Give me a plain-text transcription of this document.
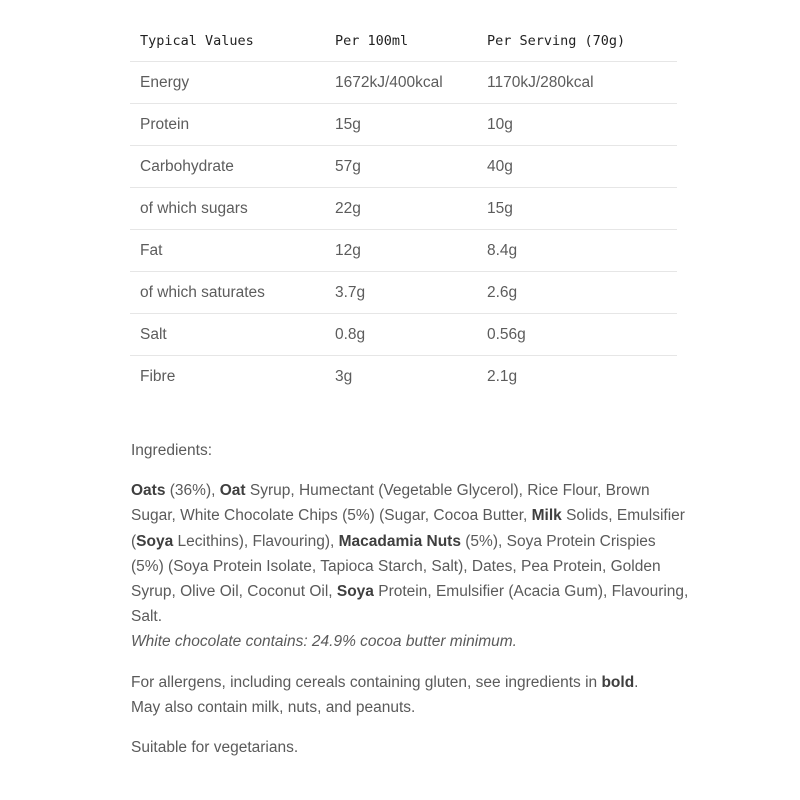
Typical Values	Per 100ml	Per Serving (70g)
Energy	1672kJ/400kcal	1170kJ/280kcal
Protein	15g	10g
Carbohydrate	57g	40g
of which sugars	22g	15g
Fat	12g	8.4g
of which saturates	3.7g	2.6g
Salt	0.8g	0.56g
Fibre	3g	2.1g

Ingredients:

Oats (36%), Oat Syrup, Humectant (Vegetable Glycerol), Rice Flour, Brown Sugar, White Chocolate Chips (5%) (Sugar, Cocoa Butter, Milk Solids, Emulsifier (Soya Lecithins), Flavouring), Macadamia Nuts (5%), Soya Protein Crispies (5%) (Soya Protein Isolate, Tapioca Starch, Salt), Dates, Pea Protein, Golden Syrup, Olive Oil, Coconut Oil, Soya Protein, Emulsifier (Acacia Gum), Flavouring, Salt.

White chocolate contains: 24.9% cocoa butter minimum.

For allergens, including cereals containing gluten, see ingredients in bold.
May also contain milk, nuts, and peanuts.

Suitable for vegetarians.
